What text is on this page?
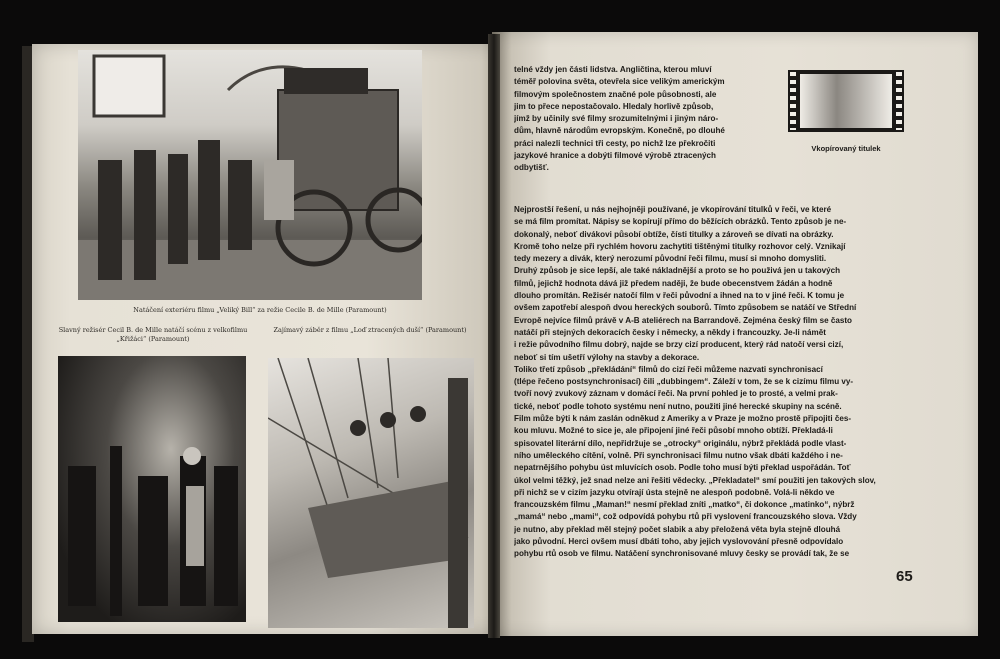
Natáčení exteriéru filmu „Veliký Bill“ za režie Cecile B. de Mille (Paramount)
Slavný režisér Cecil B. de Mille natáčí scénu z velkofilmu „Křižáci“ (Paramount)
Zajímavý záběr z filmu „Loď ztracených duší“ (Paramount)
telné vždy jen části lidstva. Angličtina, kterou mluví
téměř polovina světa, otevřela sice velikým americkým
filmovým společnostem značné pole působnosti, ale
jim to přece nepostačovalo. Hledaly horlivě způsob,
jímž by učinily své filmy srozumitelnými i jiným náro-
dům, hlavně národům evropským. Konečně, po dlouhé
práci nalezli technici tři cesty, po nichž lze překročiti
jazykové hranice a dobýti filmové výrobě ztracených
odbytišť.
Vkopírovaný titulek
Nejprostší řešení, u nás nejhojněji používané, je vkopírování titulků v řeči, ve které
se má film promítat. Nápisy se kopírují přímo do běžících obrázků. Tento způsob je ne-
dokonalý, neboť divákovi působí obtíže, čísti titulky a zároveň se dívati na obrázky.
Kromě toho nelze při rychlém hovoru zachytiti tištěnými titulky rozhovor celý. Vznikají
tedy mezery a divák, který nerozumí původní řeči filmu, musí si mnoho domysliti.
Druhý způsob je sice lepší, ale také nákladnější a proto se ho použivá jen u takových
filmů, jejichž hodnota dává již předem naději, že bude obecenstvem žádán a hodně
dlouho promítán. Režisér natočí film v řeči původní a ihned na to v jiné řeči. K tomu je
ovšem zapotřebí alespoň dvou hereckých souborů. Tímto způsobem se natáčí ve Střední
Evropě nejvíce filmů právě v A-B ateliérech na Barrandově. Zejména český film se často
natáčí při stejných dekoracích česky i německy, a někdy i francouzky. Je-li námět
i režie původního filmu dobrý, najde se brzy cizí producent, který rád natočí versi cizí,
neboť si tím ušetří výlohy na stavby a dekorace.
Toliko třetí způsob „překládání“ filmů do cizí řeči můžeme nazvati synchronisací
(tlépe řečeno postsynchronisací) čili „dubbingem“. Záleží v tom, že se k cizímu filmu vy-
tvoří nový zvukový záznam v domácí řeči. Na první pohled je to prosté, a velmi prak-
tické, neboť podle tohoto systému není nutno, použiti jiné herecké skupiny na scéně.
Film může býti k nám zaslán odněkud z Ameriky a v Praze je možno prostě připojiti čes-
kou mluvu. Možné to sice je, ale připojení jiné řeči působí mnoho obtíží. Překladá-li
spisovatel literární dílo, nepřidržuje se „otrocky“ originálu, nýbrž překládá podle vlast-
ního uměleckého cítění, volně. Při synchronisaci filmu nutno však dbáti každého i ne-
nepatrnějšího pohybu úst mluvících osob. Podle toho musí býti překlad uspořádán. Toť
úkol velmi těžký, jež snad nelze ani řešiti vědecky. „Překladatel“ smí použiti jen takových slov,
při nichž se v cizím jazyku otvírají ústa stejně ne alespoň podobně. Volá-li někdo ve
francouzském filmu „Maman!“ nesmí překlad zníti „matko“, či dokonce „matinko“, nýbrž
„mamá“ nebo „mami“, což odpovídá pohybu rtů při vyslovení francouzského slova. Vždy
je nutno, aby překlad měl stejný počet slabik a aby přeložená věta byla stejně dlouhá
jako původní. Herci ovšem musí dbáti toho, aby jejich vyslovování přesně odpovídalo
pohybu rtů osob ve filmu. Natáčení synchronisované mluvy česky se provádí tak, že se
65
